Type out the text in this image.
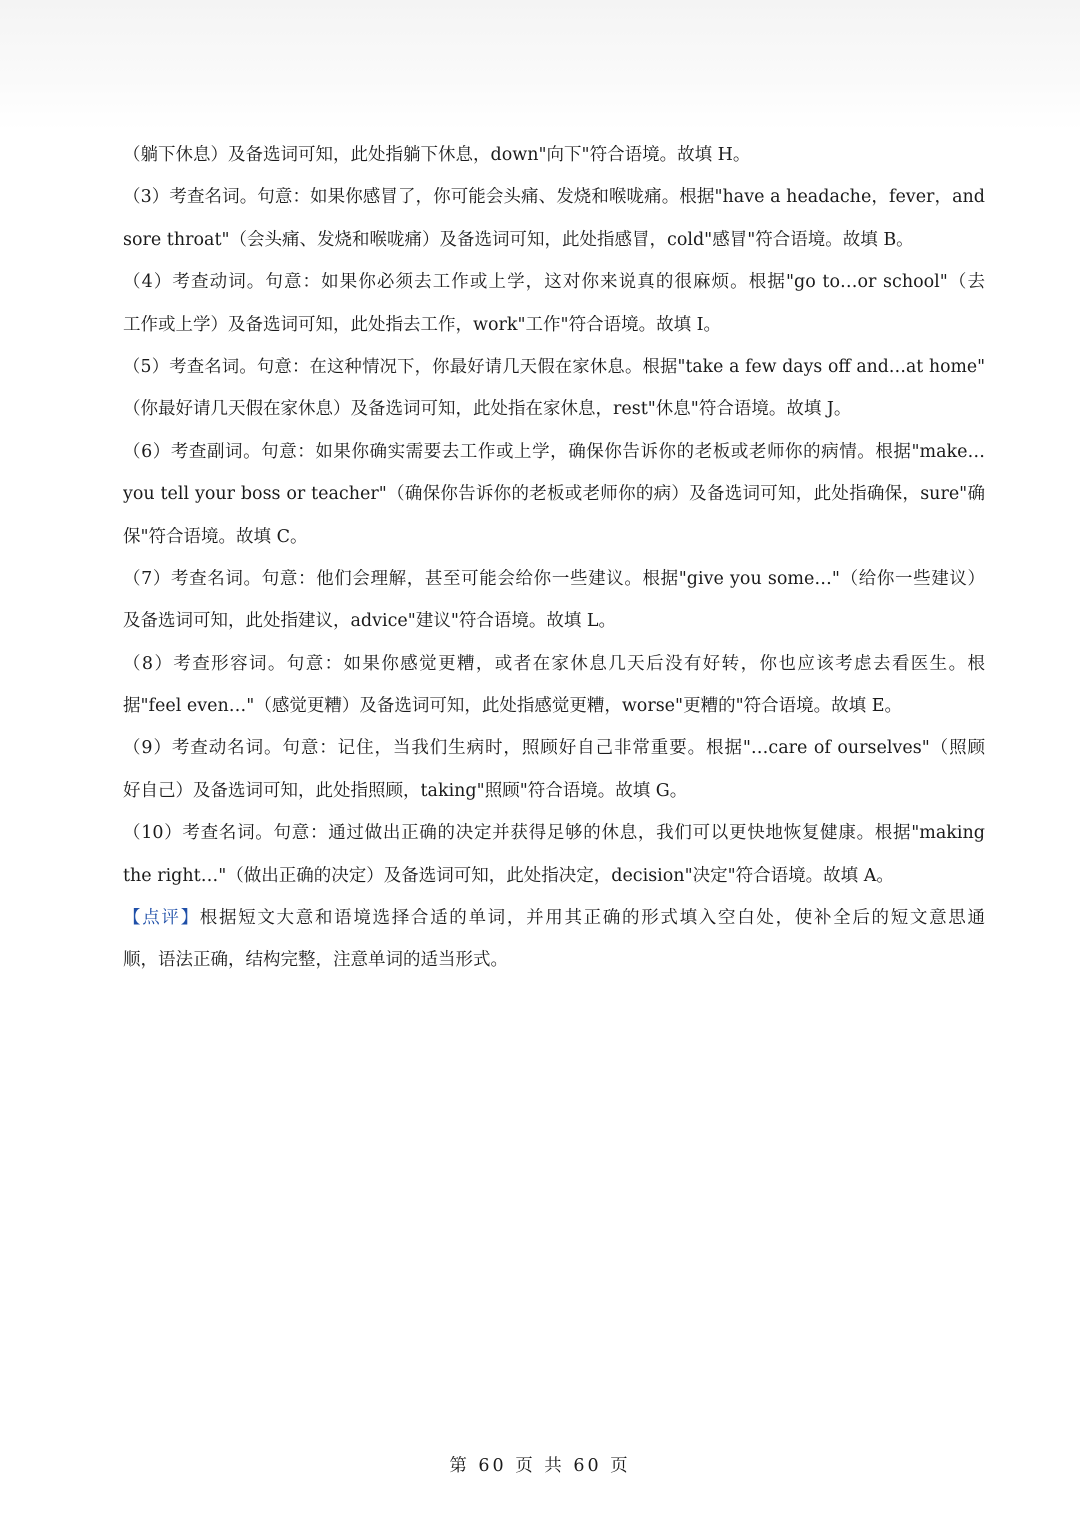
（躺下休息）及备选词可知，此处指躺下休息，down"向下"符合语境。故填 H。
（3）考查名词。句意：如果你感冒了，你可能会头痛、发烧和喉咙痛。根据"have a headache，fever，and
sore throat"（会头痛、发烧和喉咙痛）及备选词可知，此处指感冒，cold"感冒"符合语境。故填 B。
（4）考查动词。句意：如果你必须去工作或上学，这对你来说真的很麻烦。根据"go to…or school"（去
工作或上学）及备选词可知，此处指去工作，work"工作"符合语境。故填 I。
（5）考查名词。句意：在这种情况下，你最好请几天假在家休息。根据"take a few days off and…at home"
（你最好请几天假在家休息）及备选词可知，此处指在家休息，rest"休息"符合语境。故填 J。
（6）考查副词。句意：如果你确实需要去工作或上学，确保你告诉你的老板或老师你的病情。根据"make…
you tell your boss or teacher"（确保你告诉你的老板或老师你的病）及备选词可知，此处指确保，sure"确
保"符合语境。故填 C。
（7）考查名词。句意：他们会理解，甚至可能会给你一些建议。根据"give you some…"（给你一些建议）
及备选词可知，此处指建议，advice"建议"符合语境。故填 L。
（8）考查形容词。句意：如果你感觉更糟，或者在家休息几天后没有好转，你也应该考虑去看医生。根
据"feel even…"（感觉更糟）及备选词可知，此处指感觉更糟，worse"更糟的"符合语境。故填 E。
（9）考查动名词。句意：记住，当我们生病时，照顾好自己非常重要。根据"…care of ourselves"（照顾
好自己）及备选词可知，此处指照顾，taking"照顾"符合语境。故填 G。
（10）考查名词。句意：通过做出正确的决定并获得足够的休息，我们可以更快地恢复健康。根据"making
the right…"（做出正确的决定）及备选词可知，此处指决定，decision"决定"符合语境。故填 A。
【点评】根据短文大意和语境选择合适的单词，并用其正确的形式填入空白处，使补全后的短文意思通
顺，语法正确，结构完整，注意单词的适当形式。
第 60 页 共 60 页
